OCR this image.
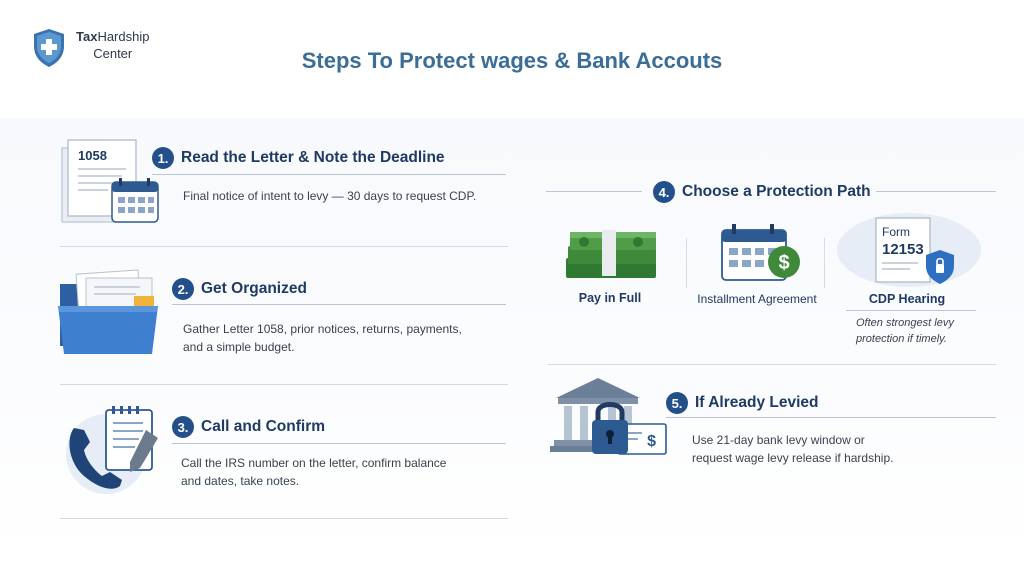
TaxHardship
Center	Steps To Protect wages & Bank Accouts
1058	1. Read the Letter & Note the Deadline
Final notice of intent to levy — 30 days to request CDP.
2. Get Organized
Gather Letter 1058, prior notices, returns, payments,
and a simple budget.
3. Call and Confirm
Call the IRS number on the letter, confirm balance
and dates, take notes.
4. Choose a Protection Path
Pay in Full
$
Installment Agreement
Form
12153
CDP Hearing
Often strongest levy
protection if timely.
$
5. If Already Levied
Use 21-day bank levy window or
request wage levy release if hardship.
